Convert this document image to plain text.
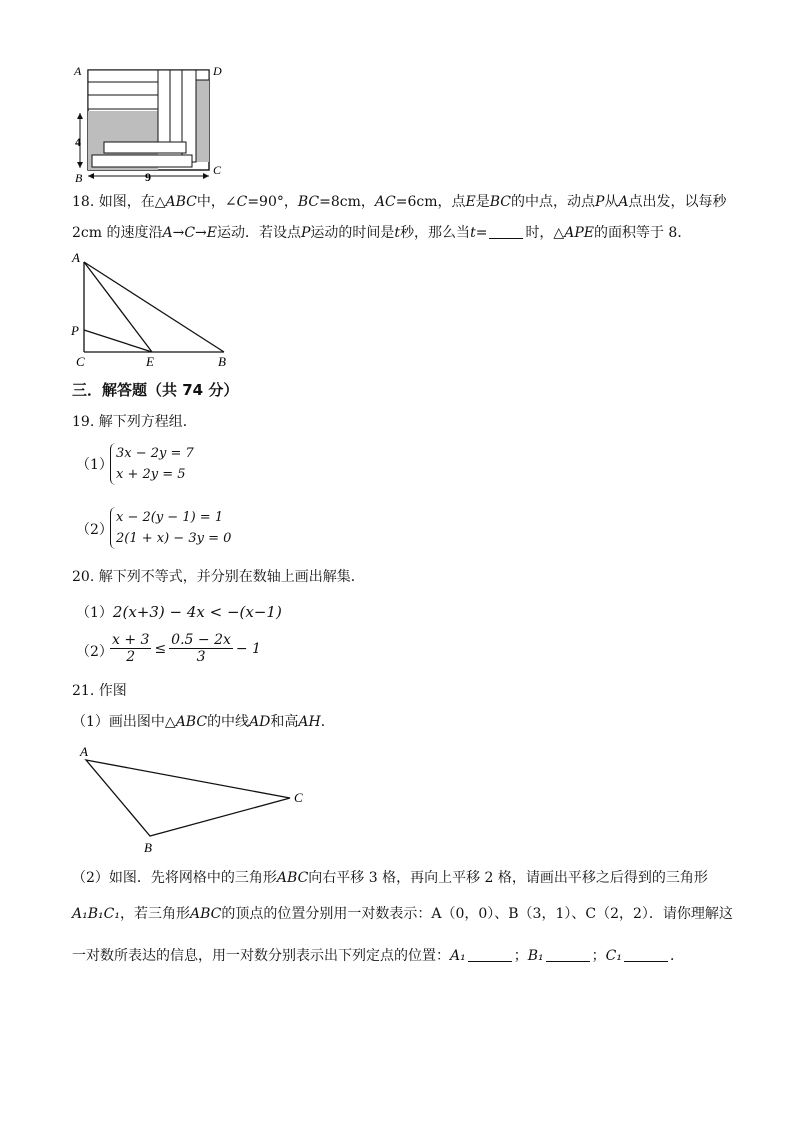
A	D
B
C
4
9
18. 如图，在△ABC中，∠C=90°，BC=8cm，AC=6cm，点E是BC的中点，动点P从A点出发，以每秒
2cm 的速度沿A→C→E运动．若设点P运动的时间是t秒，那么当t=	时，△APE的面积等于 8．
A
P
C	E	B
三．解答题（共 74 分）
19. 解下列方程组．
（1）
3x − 2y = 7
x + 2y = 5
（2）
x − 2(y − 1) = 1
2(1 + x) − 3y = 0
20. 解下列不等式，并分别在数轴上画出解集．
（1）2(x+3) − 4x < −(x−1)
（2）
$\frac{x + 3}{2} \le \frac{0.5 - 2x}{3} - 1$
21. 作图
（1）画出图中△ABC的中线AD和高AH．
A
C
B
（2）如图．先将网格中的三角形ABC向右平移 3 格，再向上平移 2 格，请画出平移之后得到的三角形
A₁B₁C₁，若三角形ABC的顶点的位置分别用一对数表示：A（0，0）、B（3，1）、C（2，2）．请你理解这
一对数所表达的信息，用一对数分别表示出下列定点的位置：A₁	；B₁	；C₁	．
